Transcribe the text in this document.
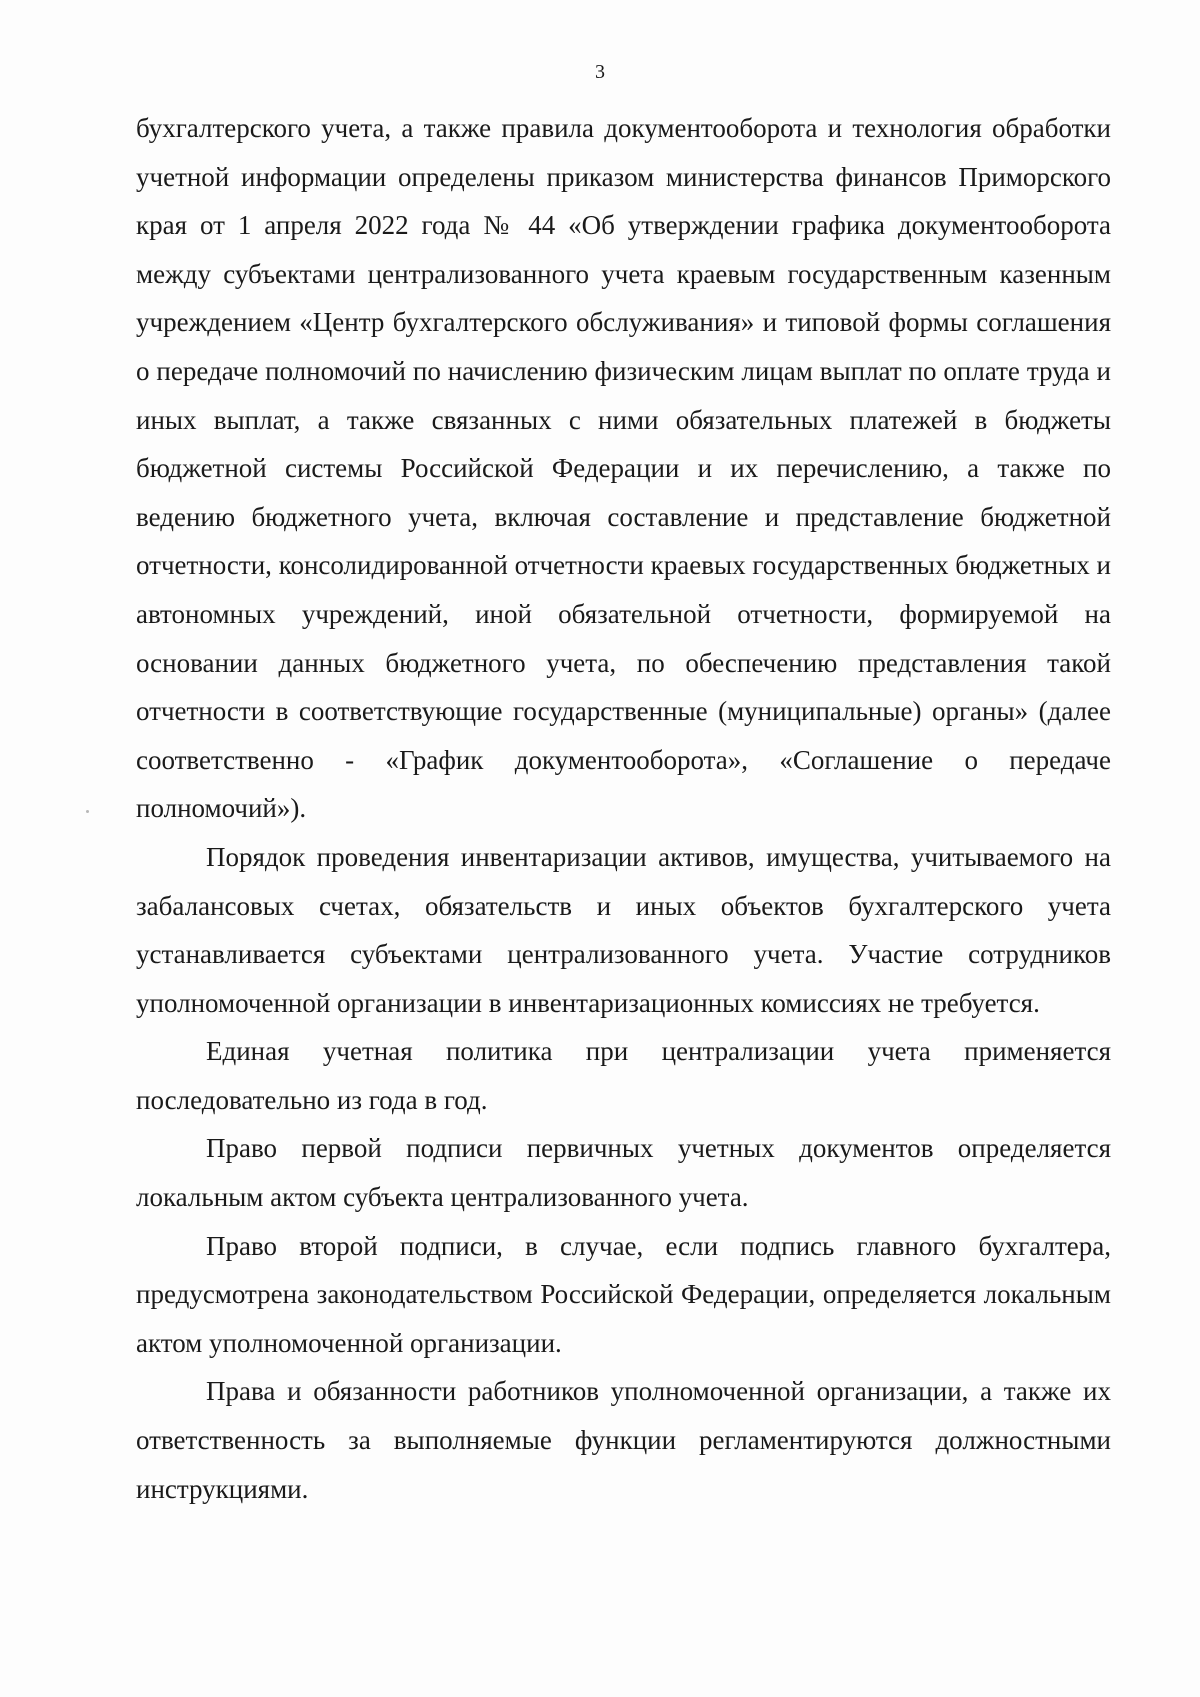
3

бухгалтерского учета, а также правила документооборота и технология обработки учетной информации определены приказом министерства финансов Приморского края от 1 апреля 2022 года № 44 «Об утверждении графика документооборота между субъектами централизованного учета краевым государственным казенным учреждением «Центр бухгалтерского обслуживания» и типовой формы соглашения о передаче полномочий по начислению физическим лицам выплат по оплате труда и иных выплат, а также связанных с ними обязательных платежей в бюджеты бюджетной системы Российской Федерации и их перечислению, а также по ведению бюджетного учета, включая составление и представление бюджетной отчетности, консолидированной отчетности краевых государственных бюджетных и автономных учреждений, иной обязательной отчетности, формируемой на основании данных бюджетного учета, по обеспечению представления такой отчетности в соответствующие государственные (муниципальные) органы» (далее соответственно - «График документооборота», «Соглашение о передаче полномочий»).

Порядок проведения инвентаризации активов, имущества, учитываемого на забалансовых счетах, обязательств и иных объектов бухгалтерского учета устанавливается субъектами централизованного учета. Участие сотрудников уполномоченной организации в инвентаризационных комиссиях не требуется.

Единая учетная политика при централизации учета применяется последовательно из года в год.

Право первой подписи первичных учетных документов определяется локальным актом субъекта централизованного учета.

Право второй подписи, в случае, если подпись главного бухгалтера, предусмотрена законодательством Российской Федерации, определяется локальным актом уполномоченной организации.

Права и обязанности работников уполномоченной организации, а также их ответственность за выполняемые функции регламентируются должностными инструкциями.
